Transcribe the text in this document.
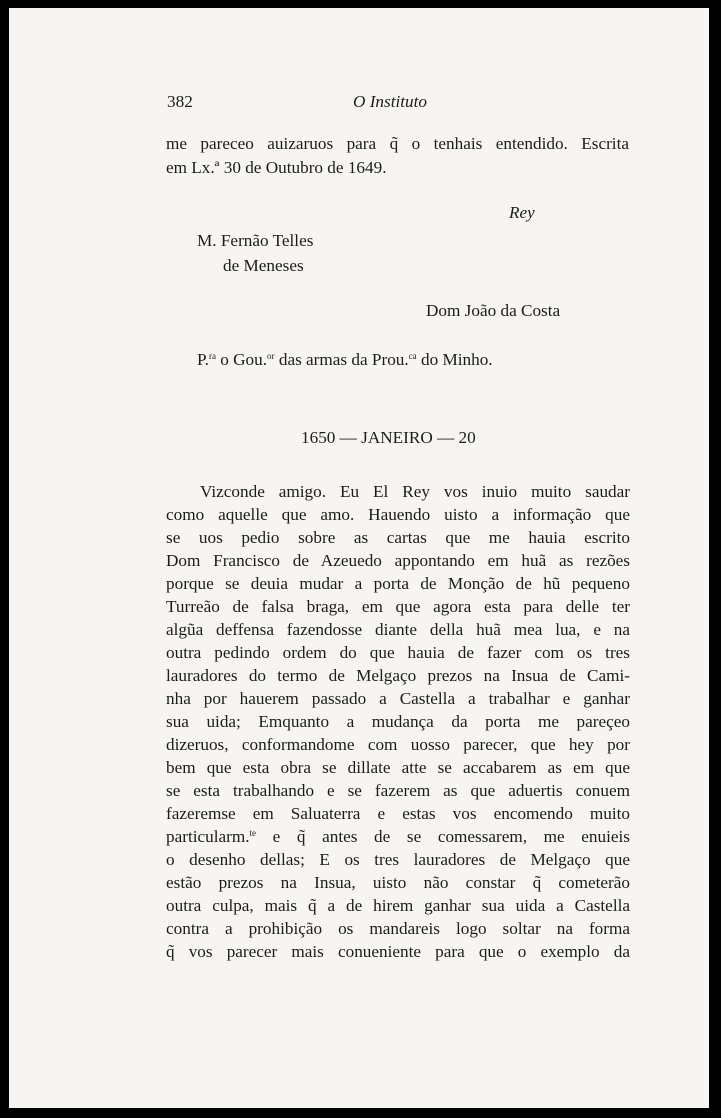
382	O Instituto
me pareceo auizaruos para q̃ o tenhais entendido. Escrita
em Lx.ª 30 de Outubro de 1649.
Rey
M. Fernão Telles
de Meneses
Dom João da Costa
P.$^{ra}$ o Gou.$^{or}$ das armas da Prou.$^{ca}$ do Minho.
1650 — JANEIRO — 20
Vizconde amigo. Eu El Rey vos inuio muito saudar
como aquelle que amo. Hauendo uisto a informação que
se uos pedio sobre as cartas que me hauia escrito
Dom Francisco de Azeuedo appontando em huã as rezões
porque se deuia mudar a porta de Monção de hũ pequeno
Turreão de falsa braga, em que agora esta para delle ter
algũa deffensa fazendosse diante della huã mea lua, e na
outra pedindo ordem do que hauia de fazer com os tres
lauradores do termo de Melgaço prezos na Insua de Cami-
nha por hauerem passado a Castella a trabalhar e ganhar
sua uida; Emquanto a mudança da porta me pareçeo
dizeruos, conformandome com uosso parecer, que hey por
bem que esta obra se dillate atte se accabarem as em que
se esta trabalhando e se fazerem as que aduertis conuem
fazeremse em Saluaterra e estas vos encomendo muito
particularm.$^{te}$ e q̃ antes de se comessarem, me enuieis
o desenho dellas; E os tres lauradores de Melgaço que
estão prezos na Insua, uisto não constar q̃ cometerão
outra culpa, mais q̃ a de hirem ganhar sua uida a Castella
contra a prohibição os mandareis logo soltar na forma
q̃ vos parecer mais conueniente para que o exemplo da
